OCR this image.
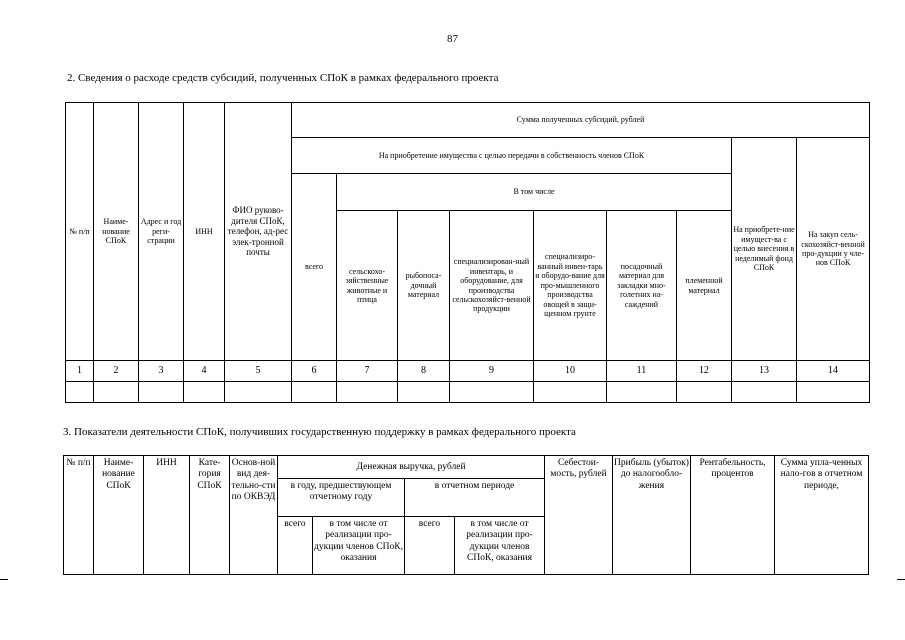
87
2. Сведения о расходе средств субсидий, полученных СПоК в рамках федерального проекта
№ п/п	Наиме-нование СПоК	Адрес и год реги-страции	ИНН	ФИО руково-дителя СПоК, телефон, ад-рес элек-тронной почты	Сумма полученных субсидий, рублей								
					На приобретение имущества с целью передачи в собственность членов СПоК							На приобрете-ние имущест-ва с целью внесения в неделимый фонд СПоК	На закуп сель-скохозяйст-венной про-дукции у чле-нов СПоК
					всего	В том числе							
						сельскохо-зяйственные животные и птица	рыбопоса-дочный материал	специализирован-ный инвентарь, и оборудование, для производства сельскохозяйст-венной продукции	специализиро-ванный инвен-тарь и оборудо-вание для про-мышленного производства овощей в защи-щенном грунте	посадочный материал для закладки мно-голетних на-саждений	племенной материал		
1	2	3	4	5	6	7	8	9	10	11	12	13	14

3. Показатели деятельности СПоК, получивших государственную поддержку в рамках федерального проекта
№ п/п	Наиме-нование СПоК	ИНН	Кате-гория СПоК	Основ-ной вид дея-тельно-сти по ОКВЭД	Денежная выручка, рублей				Себестои-мость, рублей	Прибыль (убыток) до налогообло-жения	Рентабельность, процентов	Сумма упла-ченных нало-гов в отчетном периоде,
					в году, предшествующем отчетному году		в отчетном периоде					
					всего	в том числе от реализации про-дукции членов СПоК, оказания	всего	в том числе от реализации про-дукции членов СПоК, оказания				
